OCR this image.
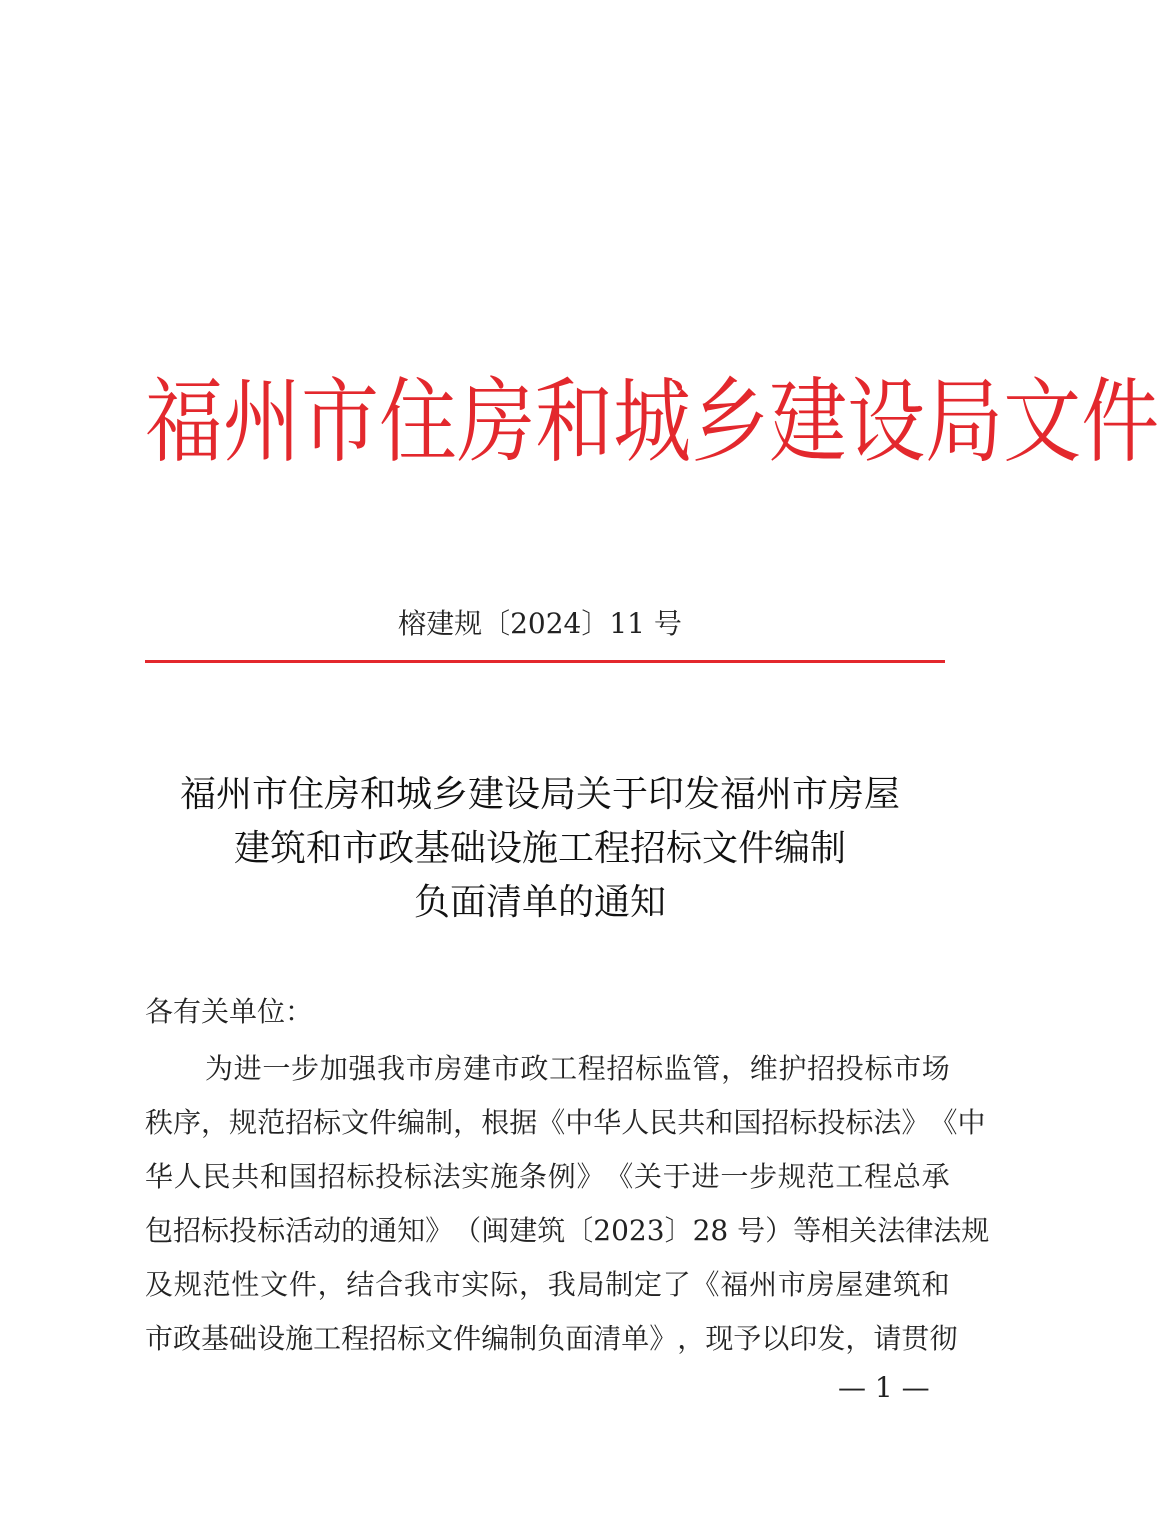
福 州 市 住 房 和 城 乡 建 设 局 文 件
榕建规〔2024〕11 号
福州市住房和城乡建设局关于印发福州市房屋
建筑和市政基础设施工程招标文件编制
负面清单的通知
各有关单位：
为 进 一 步 加 强 我 市 房 建 市 政 工 程 招 标 监 管 ， 维 护 招 投 标 市 场
秩 序 ， 规 范 招 标 文 件 编 制 ， 根 据 《 中 华 人 民 共 和 国 招 标 投 标 法 》 《 中
华 人 民 共 和 国 招 标 投 标 法 实 施 条 例 》 《 关 于 进 一 步 规 范 工 程 总 承
包 招 标 投 标 活 动 的 通 知 》 （ 闽 建 筑 〔 2 0 2 3 〕 2 8
号 ） 等 相 关 法 律 法 规
及 规 范 性 文 件 ， 结 合 我 市 实 际 ， 我 局 制 定 了 《 福 州 市 房 屋 建 筑 和
市 政 基 础 设 施 工 程 招 标 文 件 编 制 负 面 清 单 》 ， 现 予 以 印 发 ， 请 贯 彻
— 1 —
